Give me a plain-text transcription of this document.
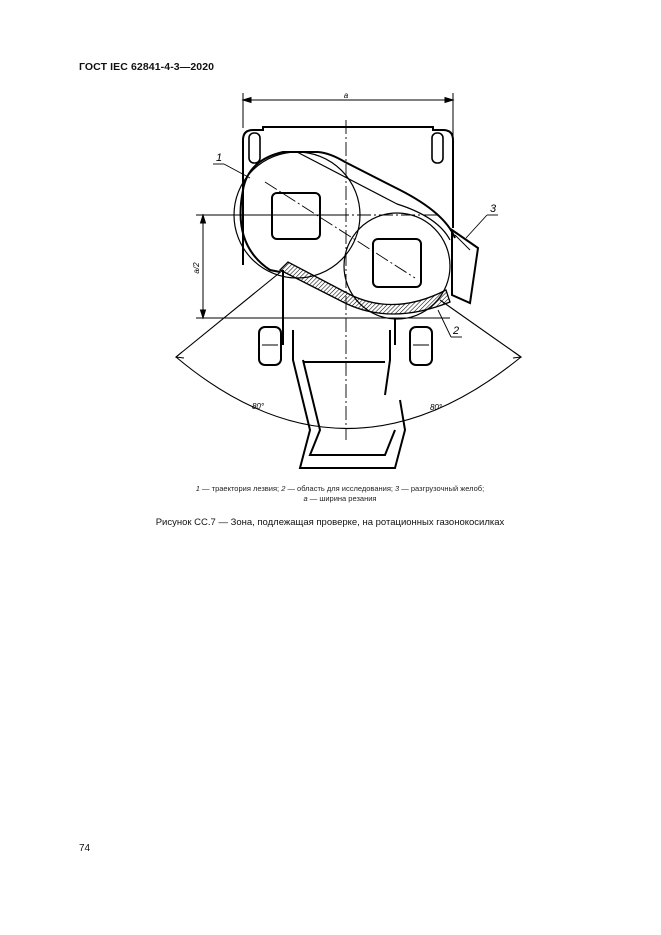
ГОСТ IEC 62841-4-3—2020
a
a/2
80°	80°
1
3
2
1 — траектория лезвия; 2 — область для исследования; 3 — разгрузочный желоб;
a — ширина резания
Рисунок СС.7 — Зона, подлежащая проверке, на ротационных газонокосилках
74
